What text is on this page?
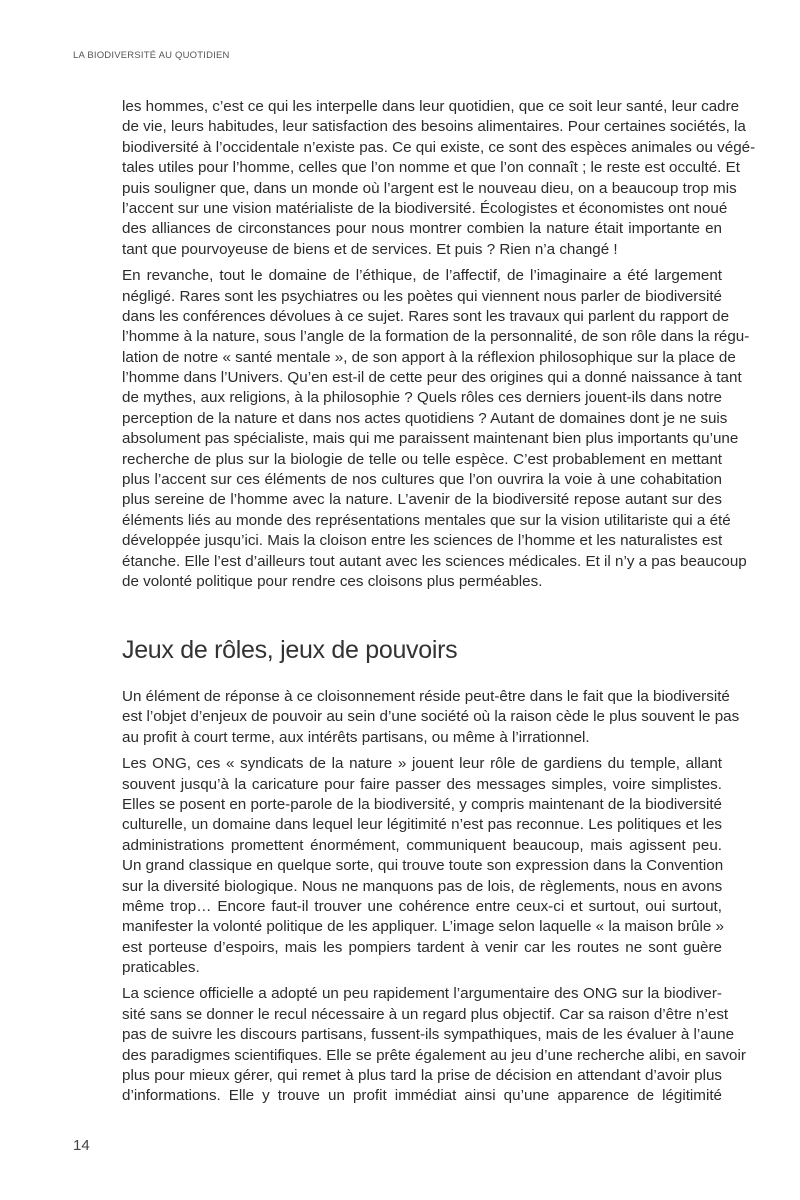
LA BIODIVERSITÉ AU QUOTIDIEN
les hommes, c’est ce qui les interpelle dans leur quotidien, que ce soit leur santé, leur cadre
de vie, leurs habitudes, leur satisfaction des besoins alimentaires. Pour certaines sociétés, la
biodiversité à l’occidentale n’existe pas. Ce qui existe, ce sont des espèces animales ou végé-
tales utiles pour l’homme, celles que l’on nomme et que l’on connaît ; le reste est occulté. Et
puis souligner que, dans un monde où l’argent est le nouveau dieu, on a beaucoup trop mis
l’accent sur une vision matérialiste de la biodiversité. Écologistes et économistes ont noué
des alliances de circonstances pour nous montrer combien la nature était importante en
tant que pourvoyeuse de biens et de services. Et puis ? Rien n’a changé !
En revanche, tout le domaine de l’éthique, de l’affectif, de l’imaginaire a été largement
négligé. Rares sont les psychiatres ou les poètes qui viennent nous parler de biodiversité
dans les conférences dévolues à ce sujet. Rares sont les travaux qui parlent du rapport de
l’homme à la nature, sous l’angle de la formation de la personnalité, de son rôle dans la régu-
lation de notre « santé mentale », de son apport à la réflexion philosophique sur la place de
l’homme dans l’Univers. Qu’en est-il de cette peur des origines qui a donné naissance à tant
de mythes, aux religions, à la philosophie ? Quels rôles ces derniers jouent-ils dans notre
perception de la nature et dans nos actes quotidiens ? Autant de domaines dont je ne suis
absolument pas spécialiste, mais qui me paraissent maintenant bien plus importants qu’une
recherche de plus sur la biologie de telle ou telle espèce. C’est probablement en mettant
plus l’accent sur ces éléments de nos cultures que l’on ouvrira la voie à une cohabitation
plus sereine de l’homme avec la nature. L’avenir de la biodiversité repose autant sur des
éléments liés au monde des représentations mentales que sur la vision utilitariste qui a été
développée jusqu’ici. Mais la cloison entre les sciences de l’homme et les naturalistes est
étanche. Elle l’est d’ailleurs tout autant avec les sciences médicales. Et il n’y a pas beaucoup
de volonté politique pour rendre ces cloisons plus perméables.
Jeux de rôles, jeux de pouvoirs
Un élément de réponse à ce cloisonnement réside peut-être dans le fait que la biodiversité
est l’objet d’enjeux de pouvoir au sein d’une société où la raison cède le plus souvent le pas
au profit à court terme, aux intérêts partisans, ou même à l’irrationnel.
Les ONG, ces « syndicats de la nature » jouent leur rôle de gardiens du temple, allant
souvent jusqu’à la caricature pour faire passer des messages simples, voire simplistes.
Elles se posent en porte-parole de la biodiversité, y compris maintenant de la biodiversité
culturelle, un domaine dans lequel leur légitimité n’est pas reconnue. Les politiques et les
administrations promettent énormément, communiquent beaucoup, mais agissent peu.
Un grand classique en quelque sorte, qui trouve toute son expression dans la Convention
sur la diversité biologique. Nous ne manquons pas de lois, de règlements, nous en avons
même trop… Encore faut-il trouver une cohérence entre ceux-ci et surtout, oui surtout,
manifester la volonté politique de les appliquer. L’image selon laquelle « la maison brûle »
est porteuse d’espoirs, mais les pompiers tardent à venir car les routes ne sont guère
praticables.
La science officielle a adopté un peu rapidement l’argumentaire des ONG sur la biodiver-
sité sans se donner le recul nécessaire à un regard plus objectif. Car sa raison d’être n’est
pas de suivre les discours partisans, fussent-ils sympathiques, mais de les évaluer à l’aune
des paradigmes scientifiques. Elle se prête également au jeu d’une recherche alibi, en savoir
plus pour mieux gérer, qui remet à plus tard la prise de décision en attendant d’avoir plus
d’informations. Elle y trouve un profit immédiat ainsi qu’une apparence de légitimité
14
